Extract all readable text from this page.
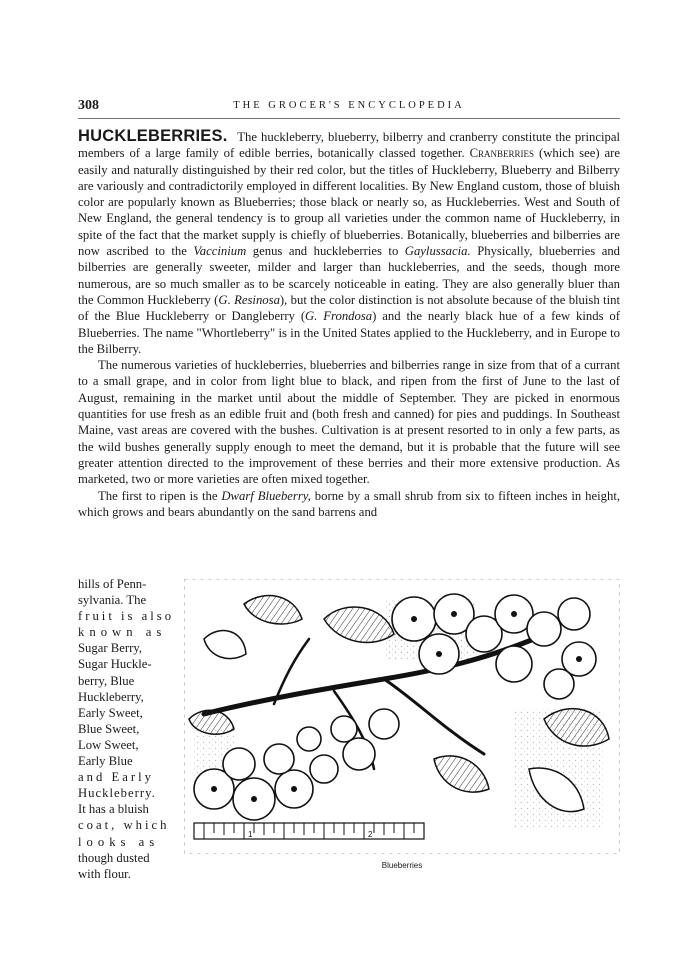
308	THE GROCER'S ENCYCLOPEDIA

HUCKLEBERRIES. The huckleberry, blueberry, bilberry and cranberry constitute the principal members of a large family of edible berries, botanically classed together. Cranberries (which see) are easily and naturally distinguished by their red color, but the titles of Huckleberry, Blueberry and Bilberry are variously and contradictorily employed in different localities. By New England custom, those of bluish color are popularly known as Blueberries; those black or nearly so, as Huckleberries. West and South of New England, the general tendency is to group all varieties under the common name of Huckleberry, in spite of the fact that the market supply is chiefly of blueberries. Botanically, blueberries and bilberries are now ascribed to the Vaccinium genus and huckleberries to Gaylussacia. Physically, blueberries and bilberries are generally sweeter, milder and larger than huckleberries, and the seeds, though more numerous, are so much smaller as to be scarcely noticeable in eating. They are also generally bluer than the Common Huckleberry (G. Resinosa), but the color distinction is not absolute because of the bluish tint of the Blue Huckleberry or Dangleberry (G. Frondosa) and the nearly black hue of a few kinds of Blueberries. The name "Whortleberry" is in the United States applied to the Huckleberry, and in Europe to the Bilberry.

The numerous varieties of huckleberries, blueberries and bilberries range in size from that of a currant to a small grape, and in color from light blue to black, and ripen from the first of June to the last of August, remaining in the market until about the middle of September. They are picked in enormous quantities for use fresh as an edible fruit and (both fresh and canned) for pies and puddings. In Southeast Maine, vast areas are covered with the bushes. Cultivation is at present resorted to in only a few parts, as the wild bushes generally supply enough to meet the demand, but it is probable that the future will see greater attention directed to the improvement of these berries and their more extensive production. As marketed, two or more varieties are often mixed together.

The first to ripen is the Dwarf Blueberry, borne by a small shrub from six to fifteen inches in height, which grows and bears abundantly on the sand barrens and

hills of Penn-
sylvania. The
fruit is also
known as
Sugar Berry,
Sugar Huckle-
berry, Blue
Huckleberry,
Early Sweet,
Blue Sweet,
Low Sweet,
Early Blue
and Early
Huckleberry.
It has a bluish
coat, which
looks as
though dusted
with flour.
1	2
Blueberries
